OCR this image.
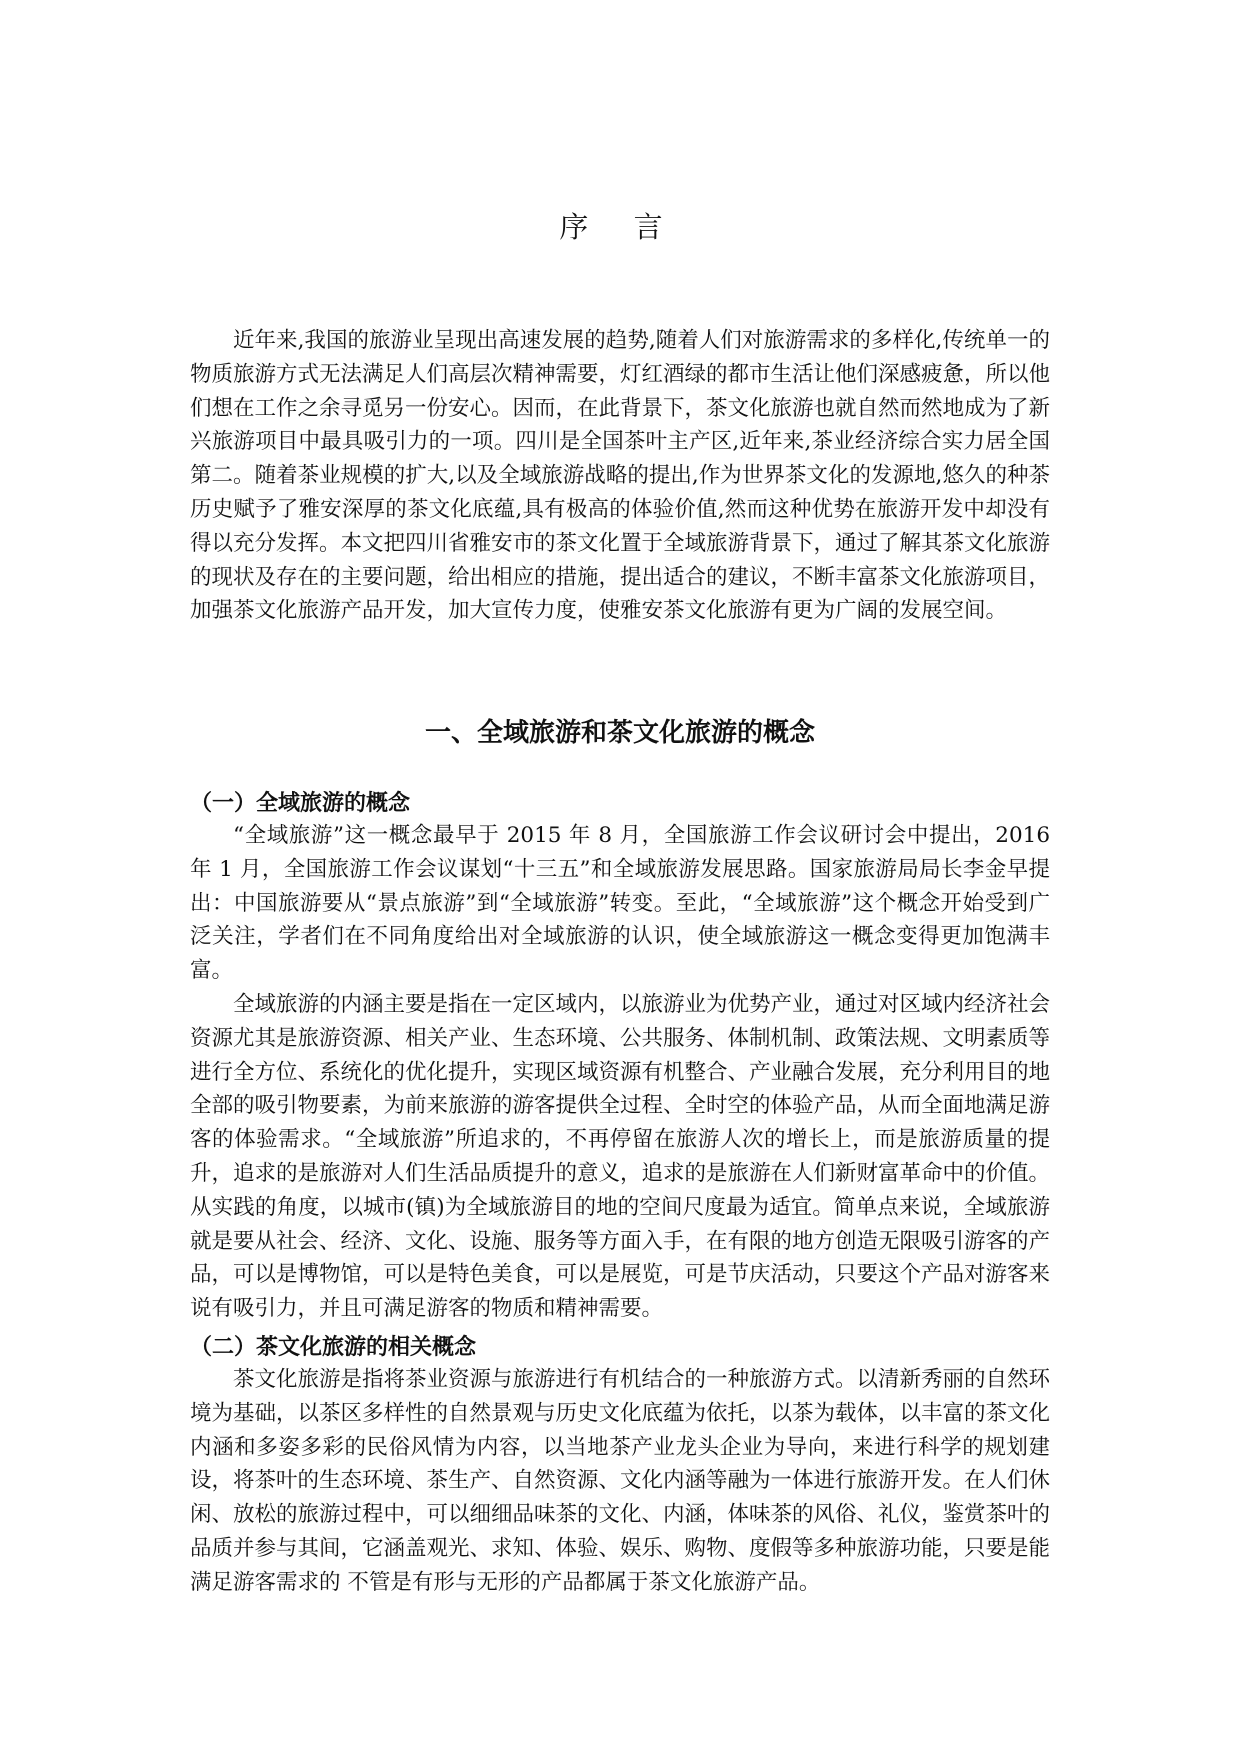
序 言

近年来,我国的旅游业呈现出高速发展的趋势,随着人们对旅游需求的多样化,传统单一的物质旅游方式无法满足人们高层次精神需要，灯红酒绿的都市生活让他们深感疲惫，所以他们想在工作之余寻觅另一份安心。因而，在此背景下，茶文化旅游也就自然而然地成为了新兴旅游项目中最具吸引力的一项。四川是全国茶叶主产区,近年来,茶业经济综合实力居全国第二。随着茶业规模的扩大,以及全域旅游战略的提出,作为世界茶文化的发源地,悠久的种茶历史赋予了雅安深厚的茶文化底蕴,具有极高的体验价值,然而这种优势在旅游开发中却没有得以充分发挥。本文把四川省雅安市的茶文化置于全域旅游背景下，通过了解其茶文化旅游的现状及存在的主要问题，给出相应的措施，提出适合的建议，不断丰富茶文化旅游项目，加强茶文化旅游产品开发，加大宣传力度，使雅安茶文化旅游有更为广阔的发展空间。

一、全域旅游和茶文化旅游的概念
（一）全域旅游的概念

“全域旅游”这一概念最早于 2015 年 8 月，全国旅游工作会议研讨会中提出，2016 年 1 月，全国旅游工作会议谋划“十三五”和全域旅游发展思路。国家旅游局局长李金早提出：中国旅游要从“景点旅游”到“全域旅游”转变。至此，“全域旅游”这个概念开始受到广泛关注，学者们在不同角度给出对全域旅游的认识，使全域旅游这一概念变得更加饱满丰富。

全域旅游的内涵主要是指在一定区域内，以旅游业为优势产业，通过对区域内经济社会资源尤其是旅游资源、相关产业、生态环境、公共服务、体制机制、政策法规、文明素质等进行全方位、系统化的优化提升，实现区域资源有机整合、产业融合发展，充分利用目的地全部的吸引物要素，为前来旅游的游客提供全过程、全时空的体验产品，从而全面地满足游客的体验需求。“全域旅游”所追求的，不再停留在旅游人次的增长上，而是旅游质量的提升，追求的是旅游对人们生活品质提升的意义，追求的是旅游在人们新财富革命中的价值。从实践的角度，以城市(镇)为全域旅游目的地的空间尺度最为适宜。简单点来说，全域旅游就是要从社会、经济、文化、设施、服务等方面入手，在有限的地方创造无限吸引游客的产品，可以是博物馆，可以是特色美食，可以是展览，可是节庆活动，只要这个产品对游客来说有吸引力，并且可满足游客的物质和精神需要。

（二）茶文化旅游的相关概念

茶文化旅游是指将茶业资源与旅游进行有机结合的一种旅游方式。以清新秀丽的自然环境为基础，以茶区多样性的自然景观与历史文化底蕴为依托，以茶为载体，以丰富的茶文化内涵和多姿多彩的民俗风情为内容，以当地茶产业龙头企业为导向，来进行科学的规划建设，将茶叶的生态环境、茶生产、自然资源、文化内涵等融为一体进行旅游开发。在人们休闲、放松的旅游过程中，可以细细品味茶的文化、内涵，体味茶的风俗、礼仪，鉴赏茶叶的品质并参与其间，它涵盖观光、求知、体验、娱乐、购物、度假等多种旅游功能，只要是能满足游客需求的 不管是有形与无形的产品都属于茶文化旅游产品。
